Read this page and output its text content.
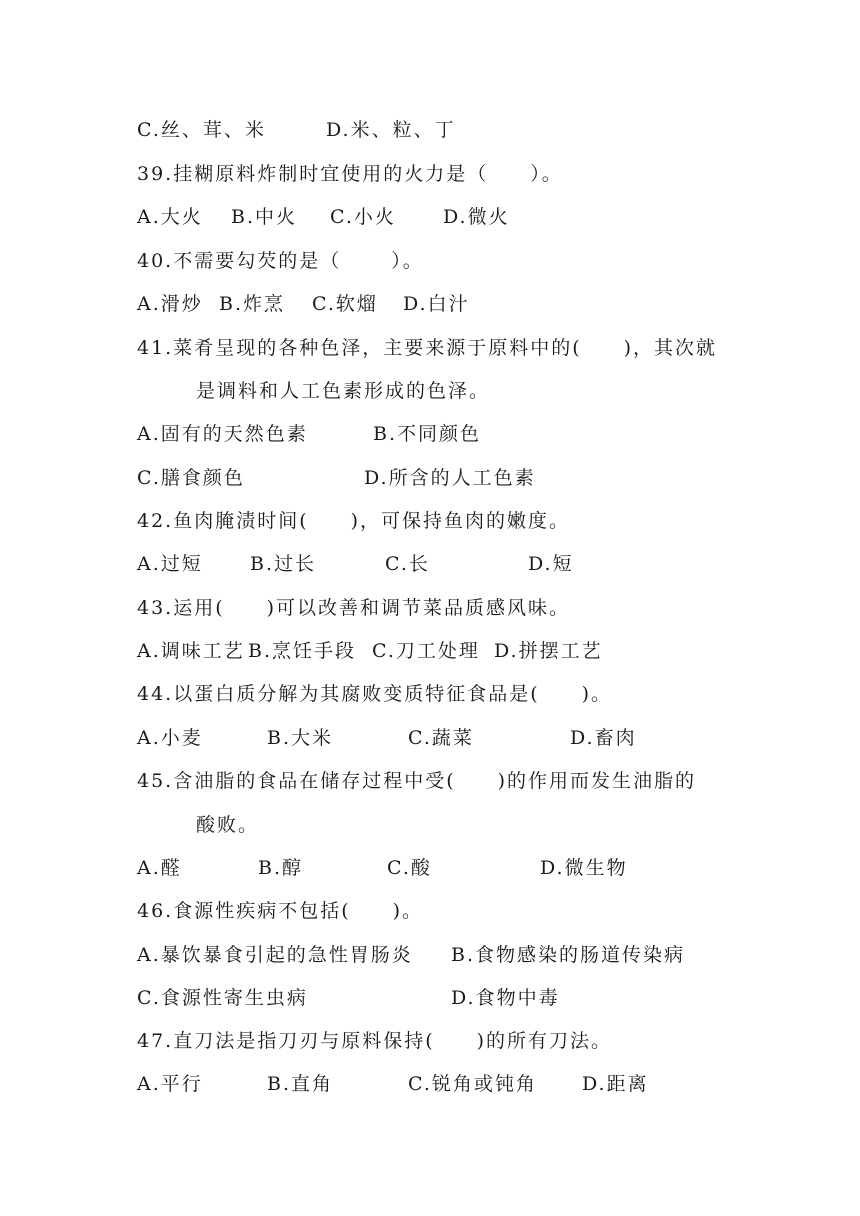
C.丝、茸、米	D.米、粒、丁
39.挂糊原料炸制时宜使用的火力是（　　）。
A.大火 B.中火 C.小火 D.微火
40.不需要勾芡的是（　　 ）。
A.滑炒 B.炸烹 C.软熘 D.白汁
41.菜肴呈现的各种色泽，主要来源于原料中的(　　)，其次就
是调料和人工色素形成的色泽。
A.固有的天然色素	B.不同颜色
C.膳食颜色	D.所含的人工色素
42.鱼肉腌渍时间(　　)，可保持鱼肉的嫩度。
A.过短 B.过长	C.长	D.短
43.运用(　　)可以改善和调节菜品质感风味。
A.调味工艺 B.烹饪手段 C.刀工处理 D.拼摆工艺
44.以蛋白质分解为其腐败变质特征食品是(　　)。
A.小麦	B.大米	C.蔬菜	D.畜肉
45.含油脂的食品在储存过程中受(　　)的作用而发生油脂的
酸败。
A.醛	B.醇	C.酸	D.微生物
46.食源性疾病不包括(　　)。
A.暴饮暴食引起的急性胃肠炎 B.食物感染的肠道传染病
C.食源性寄生虫病	D.食物中毒
47.直刀法是指刀刃与原料保持(　　)的所有刀法。
A.平行	B.直角	C.锐角或钝角 D.距离
